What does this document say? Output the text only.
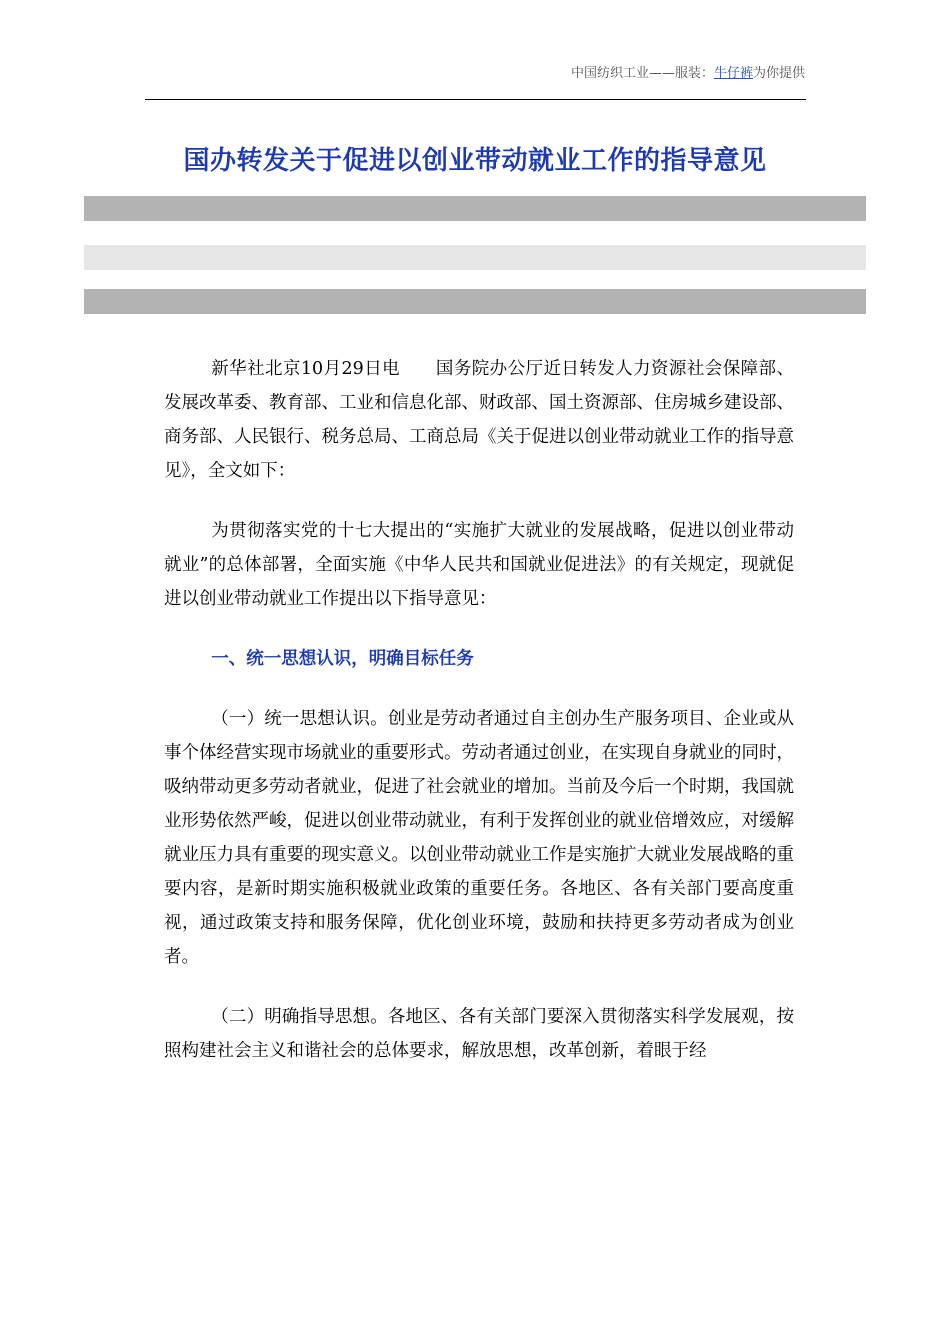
中国纺织工业——服装：牛仔裤为你提供
国办转发关于促进以创业带动就业工作的指导意见

新华社北京10月29日电　　国务院办公厅近日转发人力资源社会保障部、发展改革委、教育部、工业和信息化部、财政部、国土资源部、住房城乡建设部、商务部、人民银行、税务总局、工商总局《关于促进以创业带动就业工作的指导意见》，全文如下：

为贯彻落实党的十七大提出的“实施扩大就业的发展战略，促进以创业带动就业”的总体部署，全面实施《中华人民共和国就业促进法》的有关规定，现就促进以创业带动就业工作提出以下指导意见：

一、统一思想认识，明确目标任务

（一）统一思想认识。创业是劳动者通过自主创办生产服务项目、企业或从事个体经营实现市场就业的重要形式。劳动者通过创业，在实现自身就业的同时，吸纳带动更多劳动者就业，促进了社会就业的增加。当前及今后一个时期，我国就业形势依然严峻，促进以创业带动就业，有利于发挥创业的就业倍增效应，对缓解就业压力具有重要的现实意义。以创业带动就业工作是实施扩大就业发展战略的重要内容，是新时期实施积极就业政策的重要任务。各地区、各有关部门要高度重视，通过政策支持和服务保障，优化创业环境，鼓励和扶持更多劳动者成为创业者。

（二）明确指导思想。各地区、各有关部门要深入贯彻落实科学发展观，按照构建社会主义和谐社会的总体要求，解放思想，改革创新，着眼于经
